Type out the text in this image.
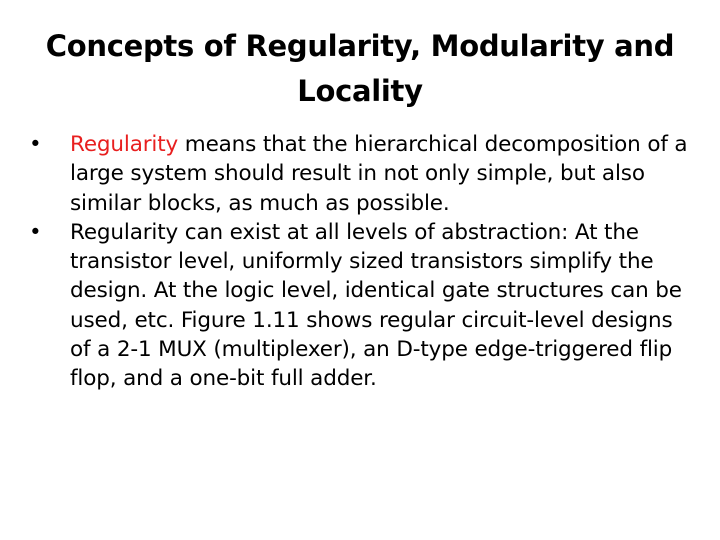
Concepts of Regularity, Modularity and Locality
• Regularity means that the hierarchical decomposition of a large system should result in not only simple, but also similar blocks, as much as possible.
• Regularity can exist at all levels of abstraction: At the transistor level, uniformly sized transistors simplify the design. At the logic level, identical gate structures can be used, etc. Figure 1.11 shows regular circuit-level designs of a 2-1 MUX (multiplexer), an D-type edge-triggered flip flop, and a one-bit full adder.
